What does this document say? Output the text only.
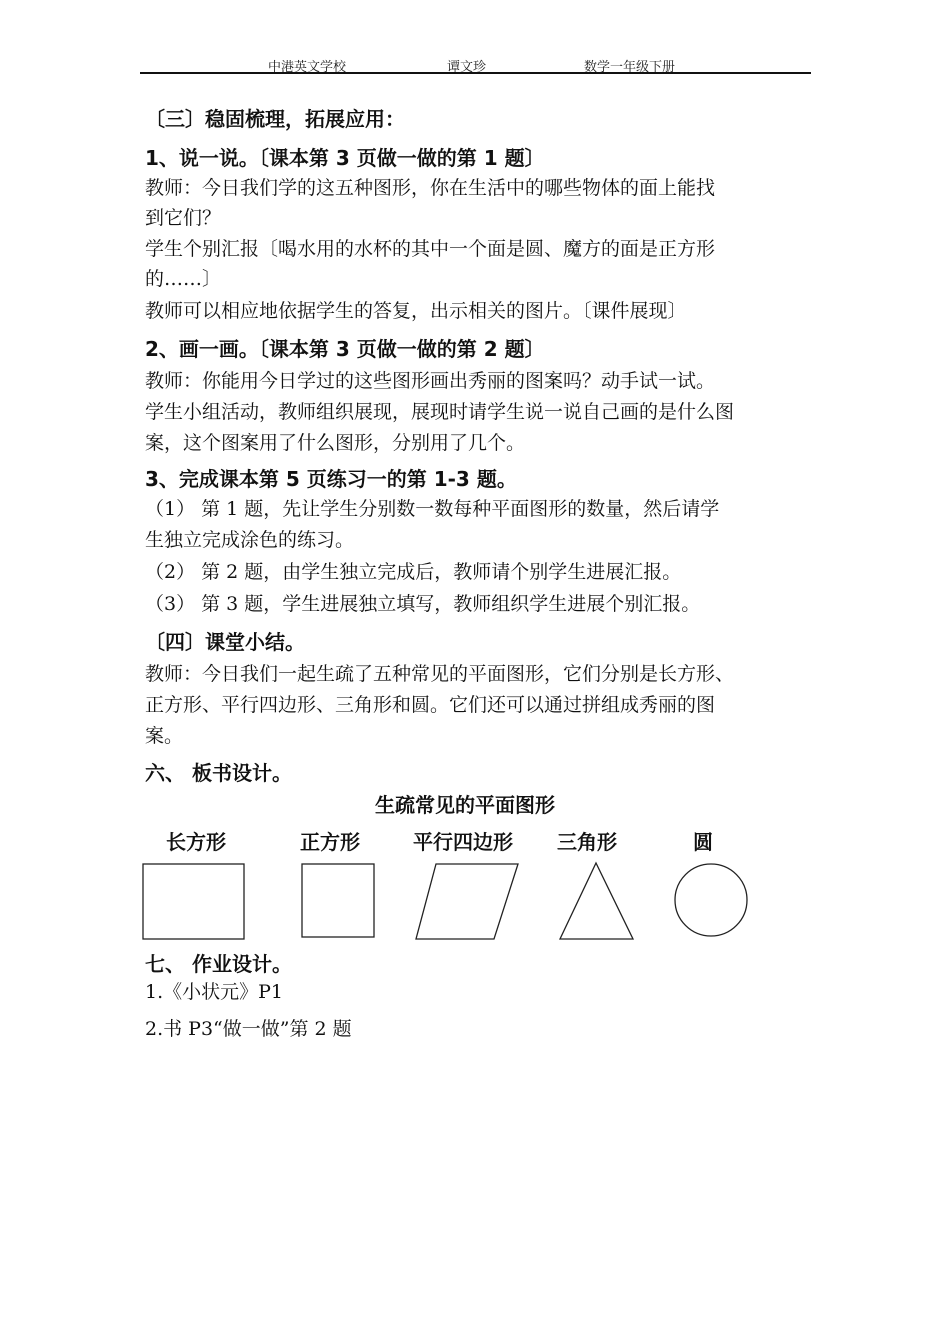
中港英文学校	谭文珍	数学一年级下册
〔三〕稳固梳理，拓展应用：
1、说一说。〔课本第 3 页做一做的第 1 题〕
教师：今日我们学的这五种图形，你在生活中的哪些物体的面上能找
到它们？
学生个别汇报〔喝水用的水杯的其中一个面是圆、魔方的面是正方形
的……〕
教师可以相应地依据学生的答复，出示相关的图片。〔课件展现〕
2、画一画。〔课本第 3 页做一做的第 2 题〕
教师：你能用今日学过的这些图形画出秀丽的图案吗？动手试一试。
学生小组活动，教师组织展现，展现时请学生说一说自己画的是什么图
案，这个图案用了什么图形，分别用了几个。
3、完成课本第 5 页练习一的第 1-3 题。
（1） 第 1 题，先让学生分别数一数每种平面图形的数量，然后请学
生独立完成涂色的练习。
（2） 第 2 题，由学生独立完成后，教师请个别学生进展汇报。
（3） 第 3 题，学生进展独立填写，教师组织学生进展个别汇报。
〔四〕课堂小结。
教师：今日我们一起生疏了五种常见的平面图形，它们分别是长方形、
正方形、平行四边形、三角形和圆。它们还可以通过拼组成秀丽的图
案。
六、 板书设计。
生疏常见的平面图形
长方形	正方形	平行四边形 三角形	圆
七、 作业设计。
1.《小状元》P1
2.书 P3“做一做”第 2 题
